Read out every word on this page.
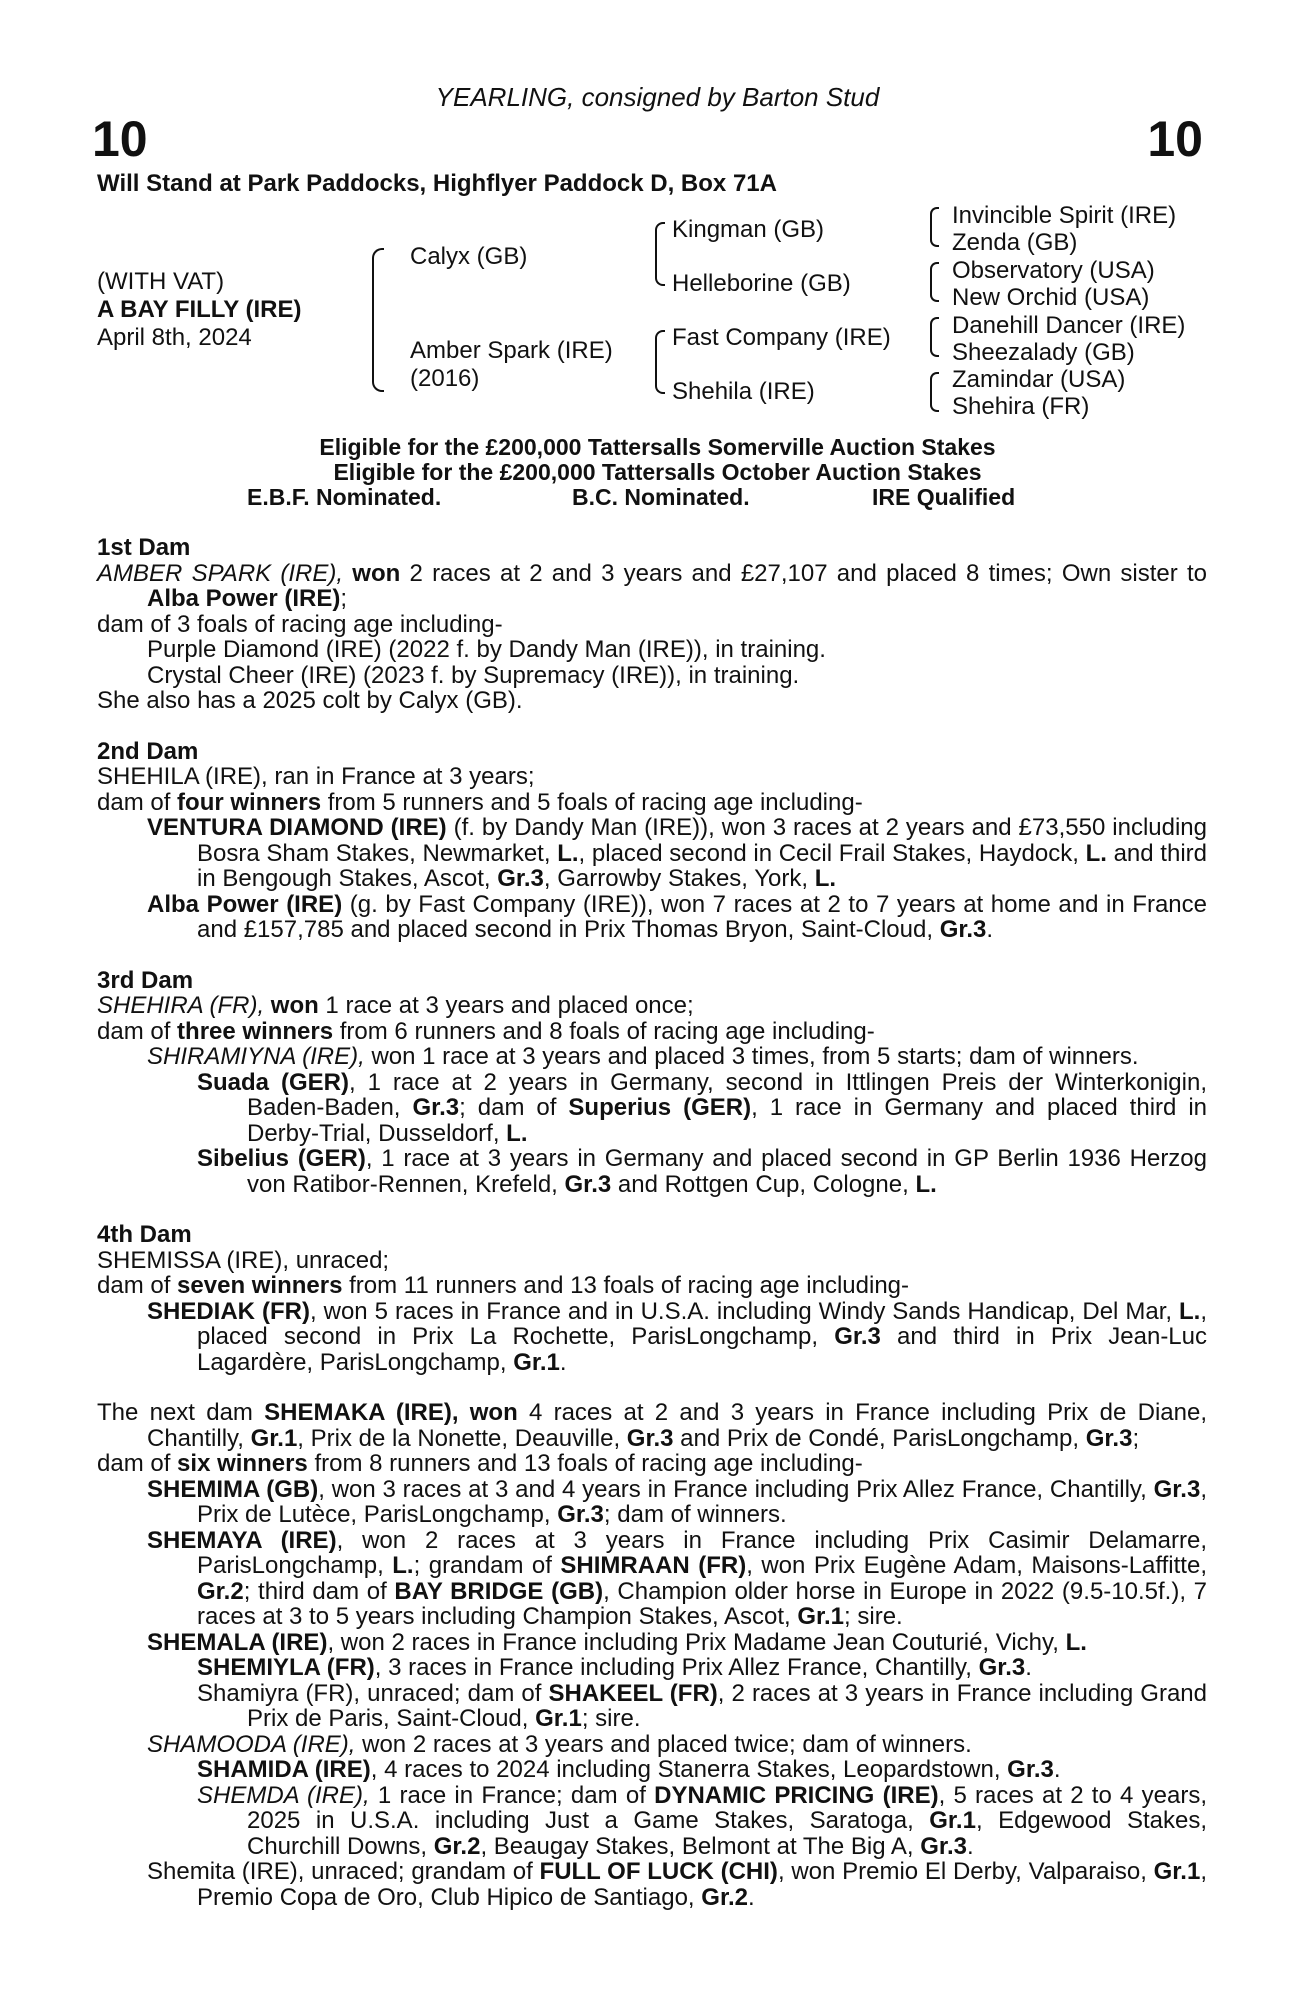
YEARLING, consigned by Barton Stud
10	10
Will Stand at Park Paddocks, Highflyer Paddock D, Box 71A
(WITH VAT)
A BAY FILLY (IRE)
April 8th, 2024
Calyx (GB)
Amber Spark (IRE)
(2016)
Kingman (GB)
Helleborine (GB)
Fast Company (IRE)
Shehila (IRE)
Invincible Spirit (IRE)
Zenda (GB)
Observatory (USA)
New Orchid (USA)
Danehill Dancer (IRE)
Sheezalady (GB)
Zamindar (USA)
Shehira (FR)
Eligible for the £200,000 Tattersalls Somerville Auction Stakes
Eligible for the £200,000 Tattersalls October Auction Stakes
E.B.F. Nominated.	B.C. Nominated.	IRE Qualified

1st Dam

AMBER SPARK (IRE), won 2 races at 2 and 3 years and £27,107 and placed 8 times; Own sister to Alba Power (IRE);

dam of 3 foals of racing age including-

Purple Diamond (IRE) (2022 f. by Dandy Man (IRE)), in training.

Crystal Cheer (IRE) (2023 f. by Supremacy (IRE)), in training.

She also has a 2025 colt by Calyx (GB).

2nd Dam

SHEHILA (IRE), ran in France at 3 years;

dam of four winners from 5 runners and 5 foals of racing age including-

VENTURA DIAMOND (IRE) (f. by Dandy Man (IRE)), won 3 races at 2 years and £73,550 including Bosra Sham Stakes, Newmarket, L., placed second in Cecil Frail Stakes, Haydock, L. and third in Bengough Stakes, Ascot, Gr.3, Garrowby Stakes, York, L.

Alba Power (IRE) (g. by Fast Company (IRE)), won 7 races at 2 to 7 years at home and in France and £157,785 and placed second in Prix Thomas Bryon, Saint-Cloud, Gr.3.

3rd Dam

SHEHIRA (FR), won 1 race at 3 years and placed once;

dam of three winners from 6 runners and 8 foals of racing age including-

SHIRAMIYNA (IRE), won 1 race at 3 years and placed 3 times, from 5 starts; dam of winners.

Suada (GER), 1 race at 2 years in Germany, second in Ittlingen Preis der Winterkonigin, Baden-Baden, Gr.3; dam of Superius (GER), 1 race in Germany and placed third in Derby-Trial, Dusseldorf, L.

Sibelius (GER), 1 race at 3 years in Germany and placed second in GP Berlin 1936 Herzog von Ratibor-Rennen, Krefeld, Gr.3 and Rottgen Cup, Cologne, L.

4th Dam

SHEMISSA (IRE), unraced;

dam of seven winners from 11 runners and 13 foals of racing age including-

SHEDIAK (FR), won 5 races in France and in U.S.A. including Windy Sands Handicap, Del Mar, L., placed second in Prix La Rochette, ParisLongchamp, Gr.3 and third in Prix Jean-Luc Lagardère, ParisLongchamp, Gr.1.

The next dam SHEMAKA (IRE), won 4 races at 2 and 3 years in France including Prix de Diane, Chantilly, Gr.1, Prix de la Nonette, Deauville, Gr.3 and Prix de Condé, ParisLongchamp, Gr.3;

dam of six winners from 8 runners and 13 foals of racing age including-

SHEMIMA (GB), won 3 races at 3 and 4 years in France including Prix Allez France, Chantilly, Gr.3, Prix de Lutèce, ParisLongchamp, Gr.3; dam of winners.

SHEMAYA (IRE), won 2 races at 3 years in France including Prix Casimir Delamarre, ParisLongchamp, L.; grandam of SHIMRAAN (FR), won Prix Eugène Adam, Maisons-Laffitte, Gr.2; third dam of BAY BRIDGE (GB), Champion older horse in Europe in 2022 (9.5-10.5f.), 7 races at 3 to 5 years including Champion Stakes, Ascot, Gr.1; sire.

SHEMALA (IRE), won 2 races in France including Prix Madame Jean Couturié, Vichy, L.

SHEMIYLA (FR), 3 races in France including Prix Allez France, Chantilly, Gr.3.

Shamiyra (FR), unraced; dam of SHAKEEL (FR), 2 races at 3 years in France including Grand Prix de Paris, Saint-Cloud, Gr.1; sire.

SHAMOODA (IRE), won 2 races at 3 years and placed twice; dam of winners.

SHAMIDA (IRE), 4 races to 2024 including Stanerra Stakes, Leopardstown, Gr.3.

SHEMDA (IRE), 1 race in France; dam of DYNAMIC PRICING (IRE), 5 races at 2 to 4 years, 2025 in U.S.A. including Just a Game Stakes, Saratoga, Gr.1, Edgewood Stakes, Churchill Downs, Gr.2, Beaugay Stakes, Belmont at The Big A, Gr.3.

Shemita (IRE), unraced; grandam of FULL OF LUCK (CHI), won Premio El Derby, Valparaiso, Gr.1, Premio Copa de Oro, Club Hipico de Santiago, Gr.2.
